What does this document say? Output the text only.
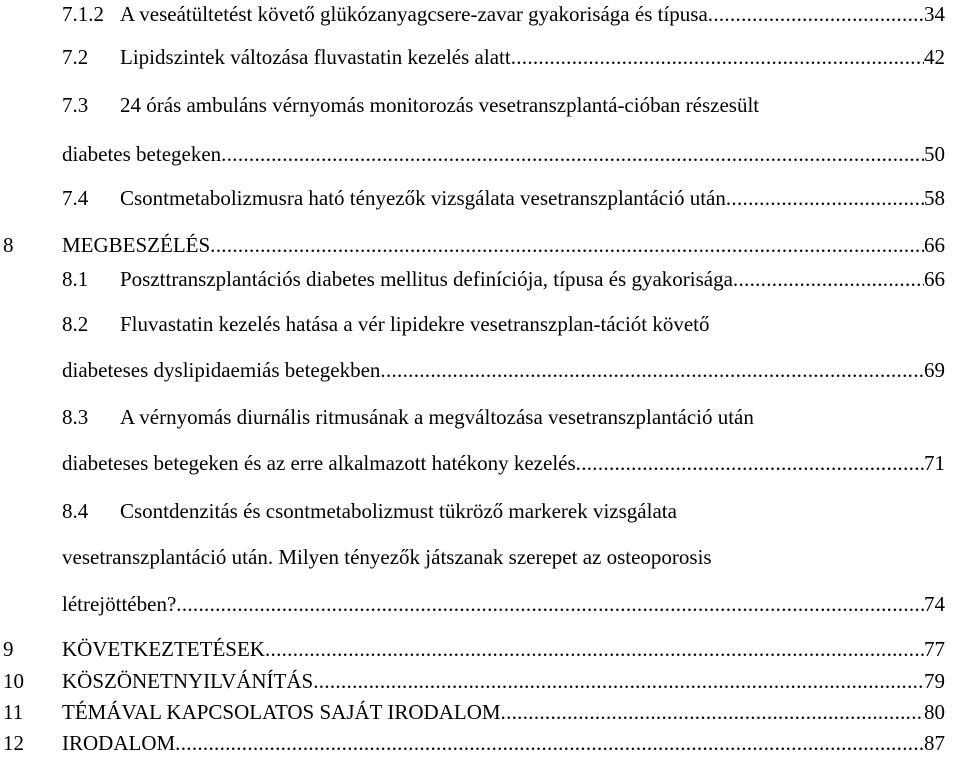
7.1.2 A veseátültetést követő glükózanyagcsere-zavar gyakorisága és típusa .....	34
7.2 Lipidszintek változása fluvastatin kezelés alatt .....	42
7.3 24 órás ambuláns vérnyomás monitorozás vesetranszplantá-cióban részesült
diabetes betegeken .....	50
7.4 Csontmetabolizmusra ható tényezők vizsgálata vesetranszplantáció után .....	58
8 MEGBESZÉLÉS .....	66
8.1 Poszttranszplantációs diabetes mellitus definíciója, típusa és gyakorisága .....	66
8.2 Fluvastatin kezelés hatása a vér lipidekre vesetranszplan-tációt követő
diabeteses dyslipidaemiás betegekben .....	69
8.3 A vérnyomás diurnális ritmusának a megváltozása vesetranszplantáció után
diabeteses betegeken és az erre alkalmazott hatékony kezelés .....	71
8.4 Csontdenzitás és csontmetabolizmust tükröző markerek vizsgálata
vesetranszplantáció után. Milyen tényezők játszanak szerepet az osteoporosis
létrejöttében? .....	74
9 KÖVETKEZTETÉSEK .....	77
10 KÖSZÖNETNYILVÁNÍTÁS .....	79
11 TÉMÁVAL KAPCSOLATOS SAJÁT IRODALOM .....	80
12 IRODALOM .....	87
